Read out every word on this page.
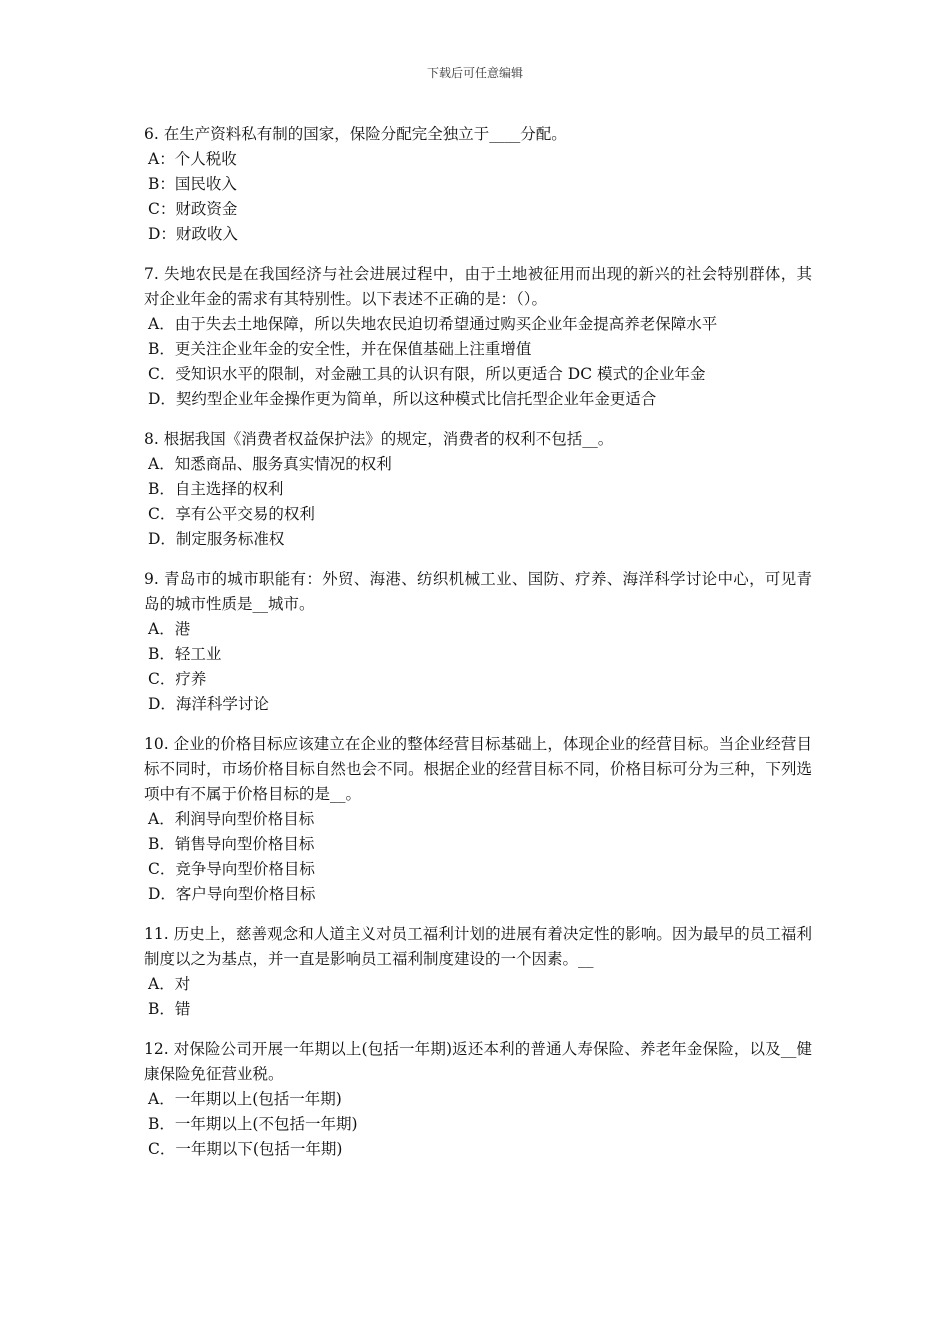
下载后可任意编辑

6. 在生产资料私有制的国家，保险分配完全独立于____分配。

A：个人税收

B：国民收入

C：财政资金

D：财政收入

7. 失地农民是在我国经济与社会进展过程中，由于土地被征用而出现的新兴的社会特别群体，其对企业年金的需求有其特别性。以下表述不正确的是：（）。

A．由于失去土地保障，所以失地农民迫切希望通过购买企业年金提高养老保障水平

B．更关注企业年金的安全性，并在保值基础上注重增值

C．受知识水平的限制，对金融工具的认识有限，所以更适合 DC 模式的企业年金

D．契约型企业年金操作更为简单，所以这种模式比信托型企业年金更适合

8. 根据我国《消费者权益保护法》的规定，消费者的权利不包括__。

A．知悉商品、服务真实情况的权利

B．自主选择的权利

C．享有公平交易的权利

D．制定服务标准权

9. 青岛市的城市职能有：外贸、海港、纺织机械工业、国防、疗养、海洋科学讨论中心，可见青岛的城市性质是__城市。

A．港

B．轻工业

C．疗养

D．海洋科学讨论

10. 企业的价格目标应该建立在企业的整体经营目标基础上，体现企业的经营目标。当企业经营目标不同时，市场价格目标自然也会不同。根据企业的经营目标不同，价格目标可分为三种，下列选项中有不属于价格目标的是__。

A．利润导向型价格目标

B．销售导向型价格目标

C．竞争导向型价格目标

D．客户导向型价格目标

11. 历史上，慈善观念和人道主义对员工福利计划的进展有着决定性的影响。因为最早的员工福利制度以之为基点，并一直是影响员工福利制度建设的一个因素。__

A．对

B．错

12. 对保险公司开展一年期以上(包括一年期)返还本利的普通人寿保险、养老年金保险，以及__健康保险免征营业税。

A．一年期以上(包括一年期)

B．一年期以上(不包括一年期)

C．一年期以下(包括一年期)
